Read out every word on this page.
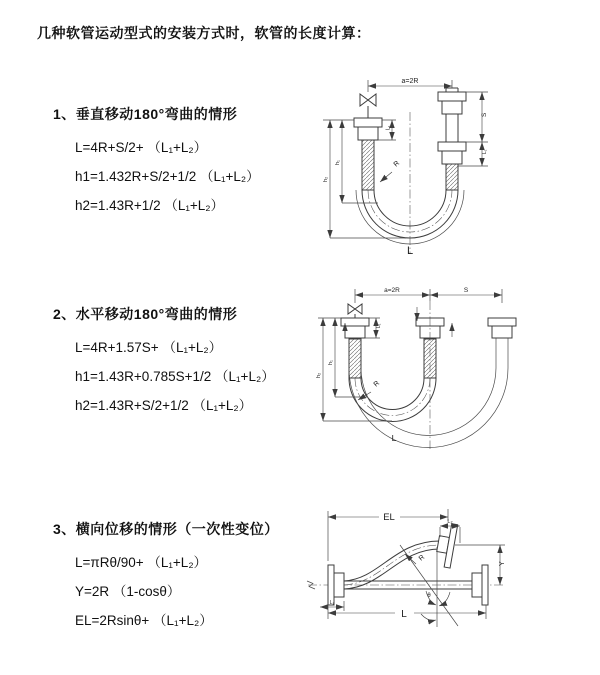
几种软管运动型式的安装方式时，软管的长度计算：
1、垂直移动180°弯曲的情形
L=4R+S/2+ （L₁+L₂）
h1=1.432R+S/2+1/2 （L₁+L₂）
h2=1.43R+1/2 （L₁+L₂）
2、水平移动180°弯曲的情形
L=4R+1.57S+ （L₁+L₂）
h1=1.43R+0.785S+1/2 （L₁+L₂）
h2=1.43R+S/2+1/2 （L₁+L₂）
3、横向位移的情形（一次性变位）
L=πRθ/90+ （L₁+L₂）
Y=2R （1-cosθ）
EL=2Rsinθ+ （L₁+L₂）
a=2R
R
h₂
h₁
L₁
S
L₁
L
a=2R	S
L₁
h₂
h₁
R
L
θ
R
EL	L₂
Y
L₁
L
